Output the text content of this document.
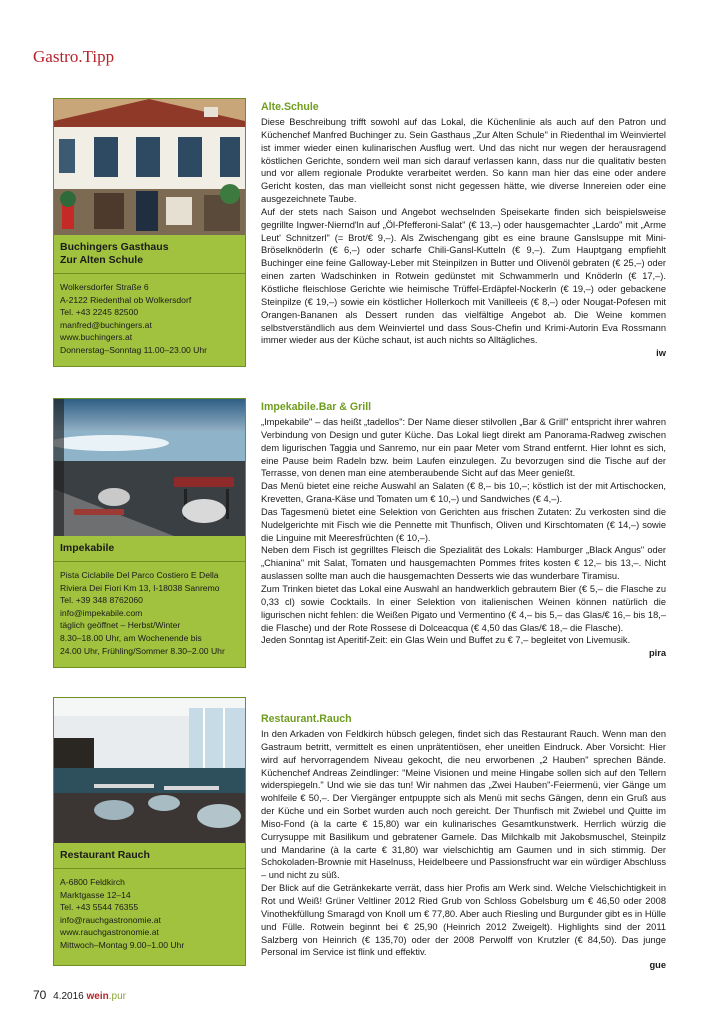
Gastro.Tipp
Buchingers Gasthaus
Zur Alten Schule
Wolkersdorfer Straße 6
A-2122 Riedenthal ob Wolkersdorf
Tel. +43 2245 82500
manfred@buchingers.at
www.buchingers.at
Donnerstag–Sonntag 11.00–23.00 Uhr
Alte.Schule

Diese Beschreibung trifft sowohl auf das Lokal, die Küchenlinie als auch auf den Patron und Küchenchef Manfred Buchinger zu. Sein Gasthaus „Zur Alten Schule" in Riedenthal im Weinviertel ist immer wieder einen kulinarischen Ausflug wert. Und das nicht nur wegen der herausragend köstlichen Gerichte, sondern weil man sich darauf verlassen kann, dass nur die qualitativ besten und vor allem regionale Produkte verarbeitet werden. So kann man hier das eine oder andere Gericht kosten, das man vielleicht sonst nicht gegessen hätte, wie diverse Innereien oder eine ausgezeichnete Taube.

Auf der stets nach Saison und Angebot wechselnden Speisekarte finden sich beispielsweise gegrillte Ingwer-Niernd'ln auf „Öl-Pfefferoni-Salat" (€ 13,–) oder hausgemachter „Lardo" mit „Arme Leut' Schnitzerl" (= Brot/€ 9,–). Als Zwischengang gibt es eine braune Ganslsuppe mit Mini-Bröselknöderln (€ 6,–) oder scharfe Chili-Gansl-Kutteln (€ 9,–). Zum Hauptgang empfiehlt Buchinger eine feine Galloway-Leber mit Steinpilzen in Butter und Olivenöl gebraten (€ 25,–) oder einen zarten Wadschinken in Rotwein gedünstet mit Schwammerln und Knöderln (€ 17,–). Köstliche fleischlose Gerichte wie heimische Trüffel-Erdäpfel-Nockerln (€ 19,–) oder gebackene Steinpilze (€ 19,–) sowie ein köstlicher Hollerkoch mit Vanilleeis (€ 8,–) oder Nougat-Pofesen mit Orangen-Bananen als Dessert runden das vielfältige Angebot ab. Die Weine kommen selbstverständlich aus dem Weinviertel und dass Sous-Chefin und Krimi-Autorin Eva Rossmann immer wieder aus der Küche schaut, ist auch nichts so Alltägliches.

iw
Impekabile
Pista Ciclabile Del Parco Costiero E Della
Riviera Dei Fiori Km 13, I-18038 Sanremo
Tel. +39 348 8762060
info@impekabile.com
täglich geöffnet – Herbst/Winter
8.30–18.00 Uhr, am Wochenende bis
24.00 Uhr, Frühling/Sommer 8.30–2.00 Uhr
Impekabile.Bar & Grill

„Impekabile" – das heißt „tadellos": Der Name dieser stilvollen „Bar & Grill" entspricht ihrer wahren Verbindung von Design und guter Küche. Das Lokal liegt direkt am Panorama-Radweg zwischen dem ligurischen Taggia und Sanremo, nur ein paar Meter vom Strand entfernt. Hier lohnt es sich, eine Pause beim Radeln bzw. beim Laufen einzulegen. Zu bevorzugen sind die Tische auf der Terrasse, von denen man eine atemberaubende Sicht auf das Meer genießt.

Das Menü bietet eine reiche Auswahl an Salaten (€ 8,– bis 10,–; köstlich ist der mit Artischocken, Krevetten, Grana-Käse und Tomaten um € 10,–) und Sandwiches (€ 4,–).

Das Tagesmenü bietet eine Selektion von Gerichten aus frischen Zutaten: Zu verkosten sind die Nudelgerichte mit Fisch wie die Pennette mit Thunfisch, Oliven und Kirschtomaten (€ 14,–) sowie die Linguine mit Meeresfrüchten (€ 10,–).

Neben dem Fisch ist gegrilltes Fleisch die Spezialität des Lokals: Hamburger „Black Angus" oder „Chianina" mit Salat, Tomaten und hausgemachten Pommes frites kosten € 12,– bis 13,–. Nicht auslassen sollte man auch die hausgemachten Desserts wie das wunderbare Tiramisu.

Zum Trinken bietet das Lokal eine Auswahl an handwerklich gebrautem Bier (€ 5,– die Flasche zu 0,33 cl) sowie Cocktails. In einer Selektion von italienischen Weinen können natürlich die ligurischen nicht fehlen: die Weißen Pigato und Vermentino (€ 4,– bis 5,– das Glas/€ 16,– bis 18,– die Flasche) und der Rote Rossese di Dolceacqua (€ 4,50 das Glas/€ 18,– die Flasche).

Jeden Sonntag ist Aperitif-Zeit: ein Glas Wein und Buffet zu € 7,– begleitet von Livemusik.

pira
Restaurant Rauch
A-6800 Feldkirch
Marktgasse 12–14
Tel. +43 5544 76355
info@rauchgastronomie.at
www.rauchgastronomie.at
Mittwoch–Montag 9.00–1.00 Uhr
Restaurant.Rauch

In den Arkaden von Feldkirch hübsch gelegen, findet sich das Restaurant Rauch. Wenn man den Gastraum betritt, vermittelt es einen unprätentiösen, eher uneitlen Eindruck. Aber Vorsicht: Hier wird auf hervorragendem Niveau gekocht, die neu erworbenen „2 Hauben" sprechen Bände. Küchenchef Andreas Zeindlinger: "Meine Visionen und meine Hingabe sollen sich auf den Tellern widerspiegeln." Und wie sie das tun! Wir nahmen das „Zwei Hauben"-Feiermenü, vier Gänge um wohlfeile € 50,–. Der Viergänger entpuppte sich als Menü mit sechs Gängen, denn ein Gruß aus der Küche und ein Sorbet wurden auch noch gereicht. Der Thunfisch mit Zwiebel und Quitte im Miso-Fond (à la carte € 15,80) war ein kulinarisches Gesamtkunstwerk. Herrlich würzig die Currysuppe mit Basilikum und gebratener Garnele. Das Milchkalb mit Jakobsmuschel, Steinpilz und Mandarine (à la carte € 31,80) war vielschichtig am Gaumen und in sich stimmig. Der Schokoladen-Brownie mit Haselnuss, Heidelbeere und Passionsfrucht war ein würdiger Abschluss – und nicht zu süß.

Der Blick auf die Getränkekarte verrät, dass hier Profis am Werk sind. Welche Vielschichtigkeit in Rot und Weiß! Grüner Veltliner 2012 Ried Grub von Schloss Gobelsburg um € 46,50 oder 2008 Vinothekfüllung Smaragd von Knoll um € 77,80. Aber auch Riesling und Burgunder gibt es in Hülle und Fülle. Rotwein beginnt bei € 25,90 (Heinrich 2012 Zweigelt). Highlights sind der 2011 Salzberg von Heinrich (€ 135,70) oder der 2008 Perwolff von Krutzler (€ 84,50). Das junge Personal im Service ist flink und effektiv.

gue
70 4.2016 wein.pur
